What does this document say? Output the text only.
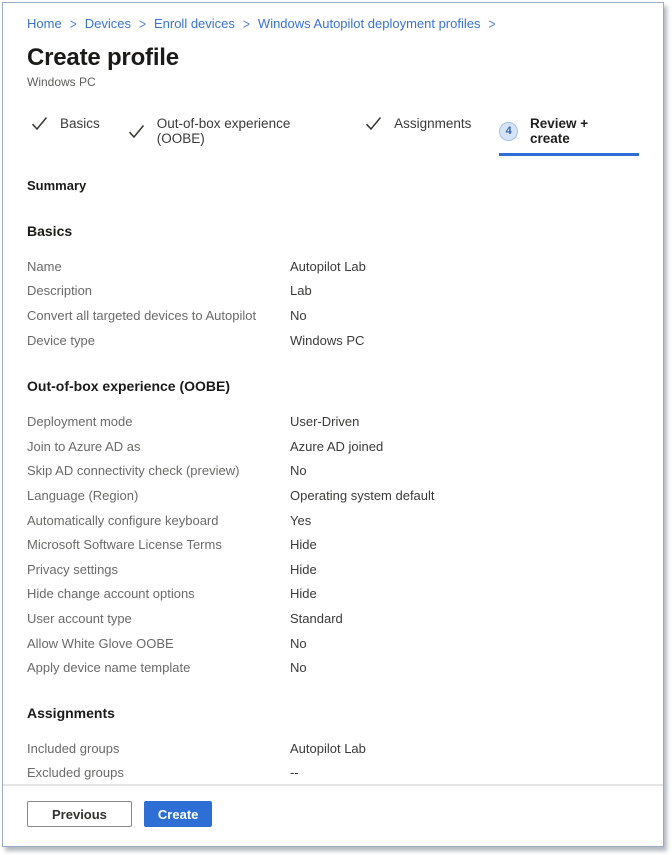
Home > Devices > Enroll devices > Windows Autopilot deployment profiles >
Create profile
Windows PC
Basics	Out-of-box experience (OOBE)
Assignments	4	Review + create
Summary
Basics
Name	Autopilot Lab
Description	Lab
Convert all targeted devices to Autopilot	No
Device type	Windows PC
Out-of-box experience (OOBE)
Deployment mode	User-Driven
Join to Azure AD as	Azure AD joined
Skip AD connectivity check (preview)	No
Language (Region)	Operating system default
Automatically configure keyboard	Yes
Microsoft Software License Terms	Hide
Privacy settings	Hide
Hide change account options	Hide
User account type	Standard
Allow White Glove OOBE	No
Apply device name template	No
Assignments
Included groups	Autopilot Lab
Excluded groups	--
Previous	Create
